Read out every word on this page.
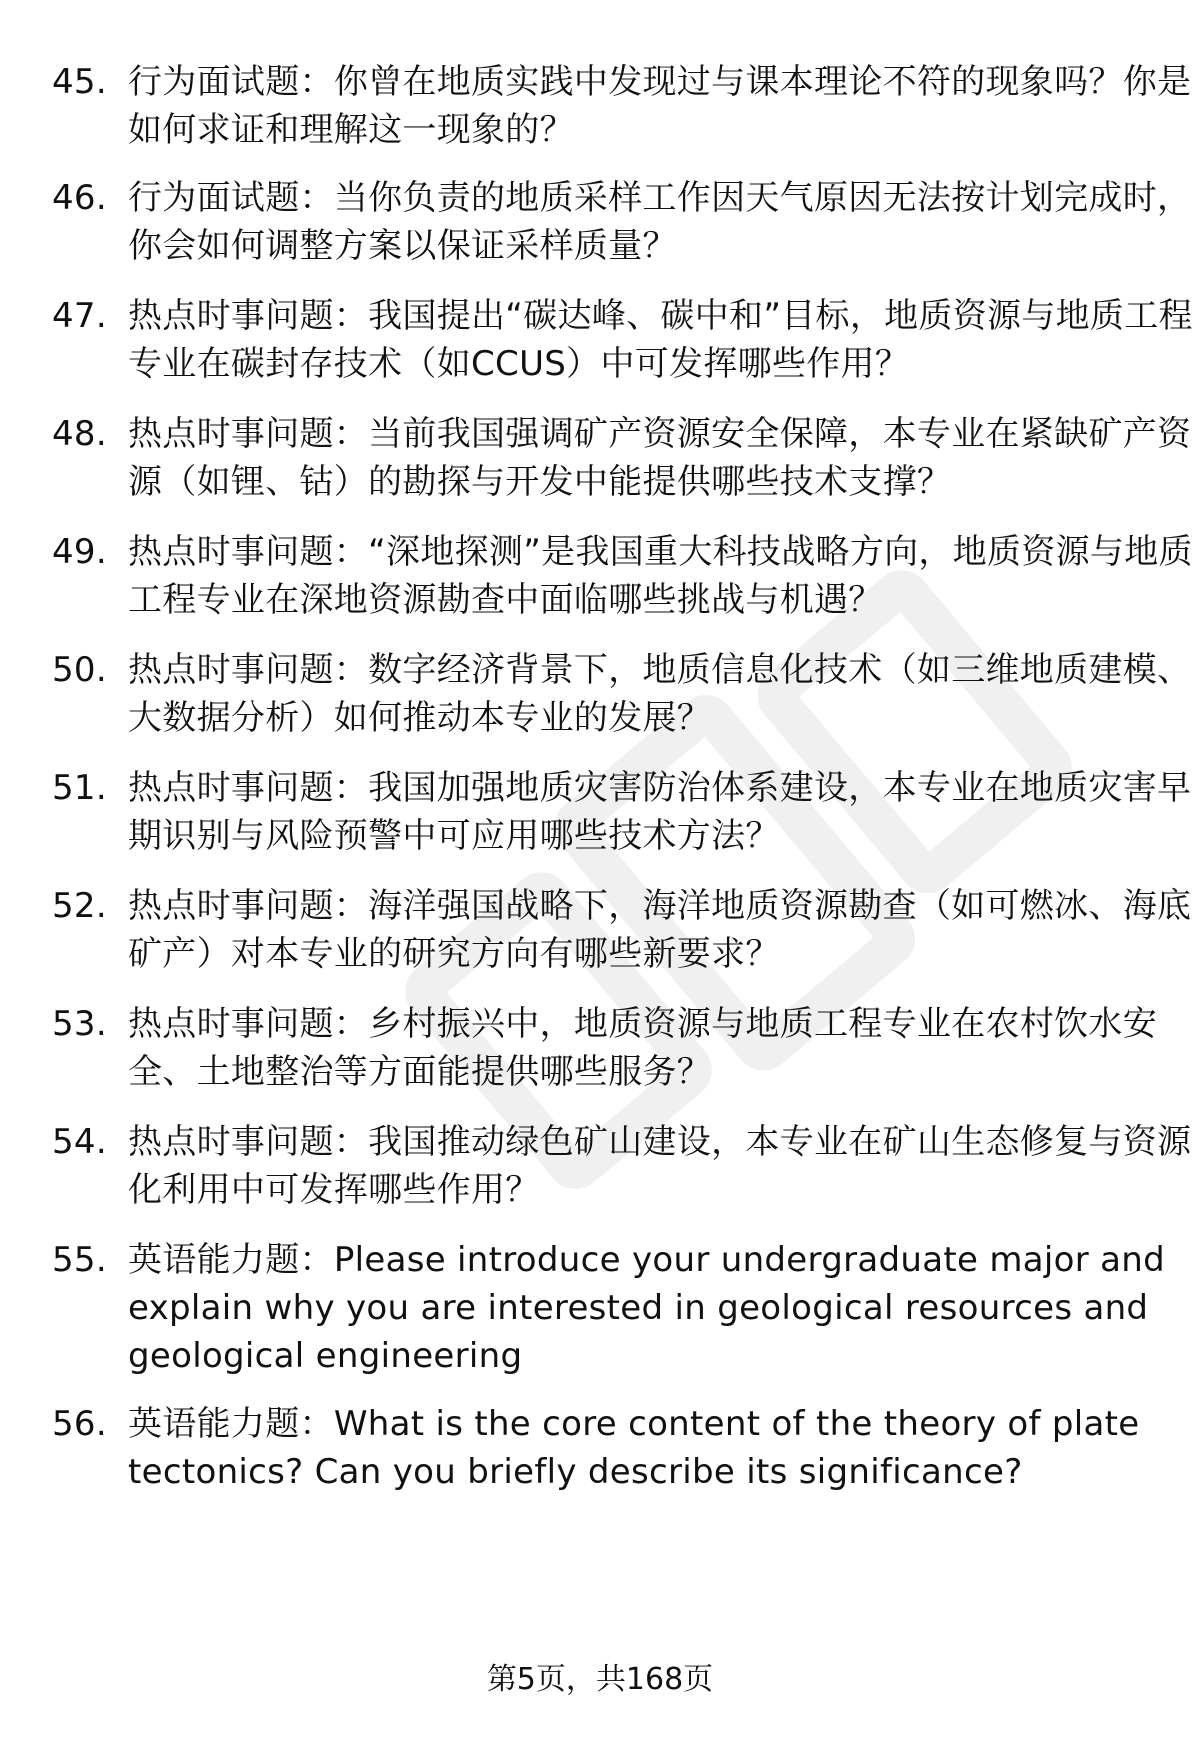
45. 行为面试题：你曾在地质实践中发现过与课本理论不符的现象吗？你是如何求证和理解这一现象的？
46. 行为面试题：当你负责的地质采样工作因天气原因无法按计划完成时，你会如何调整方案以保证采样质量？
47. 热点时事问题：我国提出“碳达峰、碳中和”目标，地质资源与地质工程专业在碳封存技术（如CCUS）中可发挥哪些作用？
48. 热点时事问题：当前我国强调矿产资源安全保障，本专业在紧缺矿产资源（如锂、钴）的勘探与开发中能提供哪些技术支撑？
49. 热点时事问题：“深地探测”是我国重大科技战略方向，地质资源与地质工程专业在深地资源勘查中面临哪些挑战与机遇？
50. 热点时事问题：数字经济背景下，地质信息化技术（如三维地质建模、大数据分析）如何推动本专业的发展？
51. 热点时事问题：我国加强地质灾害防治体系建设，本专业在地质灾害早期识别与风险预警中可应用哪些技术方法？
52. 热点时事问题：海洋强国战略下，海洋地质资源勘查（如可燃冰、海底矿产）对本专业的研究方向有哪些新要求？
53. 热点时事问题：乡村振兴中，地质资源与地质工程专业在农村饮水安全、土地整治等方面能提供哪些服务？
54. 热点时事问题：我国推动绿色矿山建设，本专业在矿山生态修复与资源化利用中可发挥哪些作用？
55. 英语能力题：Please introduce your undergraduate major and explain why you are interested in geological resources and geological engineering
56. 英语能力题：What is the core content of the theory of plate tectonics? Can you briefly describe its significance?
第5页，共168页
